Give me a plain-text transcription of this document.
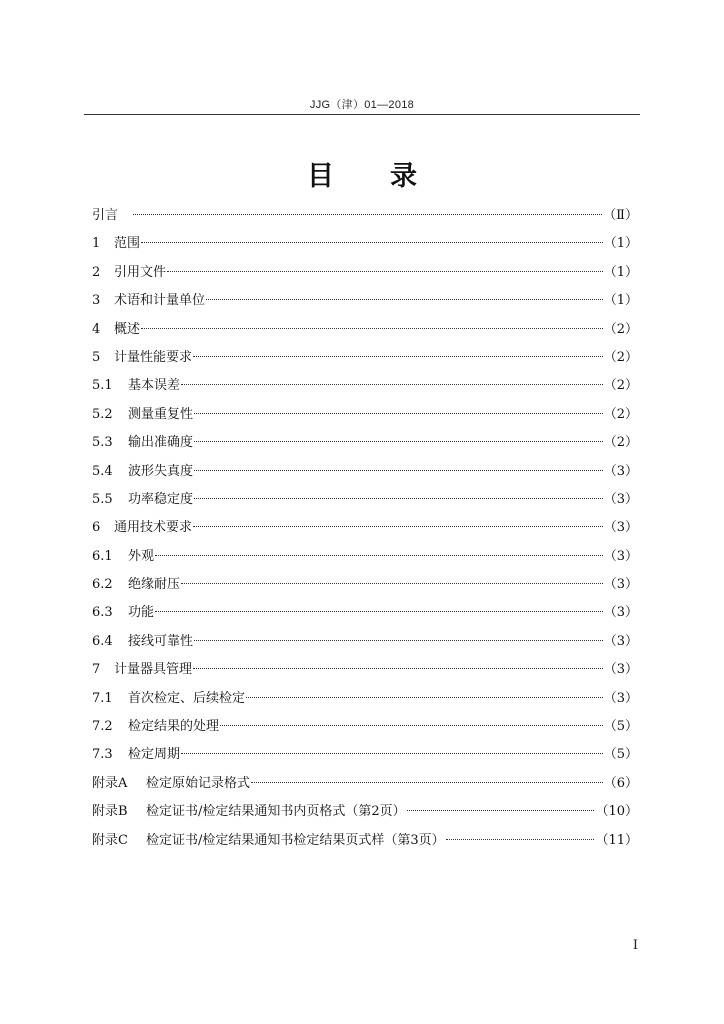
JJG（津）01—2018
目 录
引言	（Ⅱ）
1	范围	（1）
2	引用文件	（1）
3	术语和计量单位	（1）
4	概述	（2）
5	计量性能要求	（2）
5.1	基本误差	（2）
5.2	测量重复性	（2）
5.3	输出准确度	（2）
5.4	波形失真度	（3）
5.5	功率稳定度	（3）
6	通用技术要求	（3）
6.1	外观	（3）
6.2	绝缘耐压	（3）
6.3	功能	（3）
6.4	接线可靠性	（3）
7	计量器具管理	（3）
7.1	首次检定、后续检定	（3）
7.2	检定结果的处理	（5）
7.3	检定周期	（5）
附录A	检定原始记录格式	（6）
附录B	检定证书/检定结果通知书内页格式（第2页）	（10）
附录C	检定证书/检定结果通知书检定结果页式样（第3页）	（11）
I
